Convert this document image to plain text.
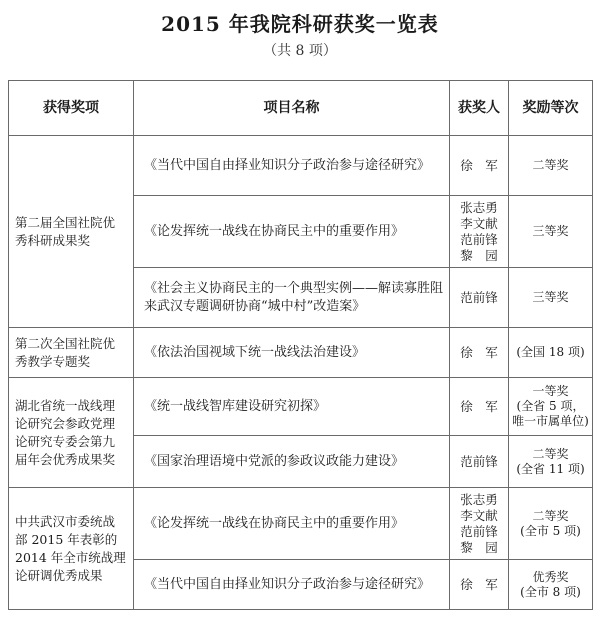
2015 年我院科研获奖一览表
（共 8 项）
获得奖项	项目名称	获奖人	奖励等次
第二届全国社院优秀科研成果奖	《当代中国自由择业知识分子政治参与途径研究》	徐　军	二等奖

	《论发挥统一战线在协商民主中的重要作用》	张志勇
李文献
范前锋
黎　园	三等奖

	《社会主义协商民主的一个典型实例——解读寡胜阻来武汉专题调研协商“城中村”改造案》	范前锋	三等奖

第二次全国社院优秀教学专题奖	《依法治国视域下统一战线法治建设》	徐　军	(全国 18 项)

湖北省统一战线理论研究会参政党理论研究专委会第九届年会优秀成果奖	《统一战线智库建设研究初探》	徐　军	一等奖
(全省 5 项，
唯一市属单位)

	《国家治理语境中党派的参政议政能力建设》	范前锋	二等奖
(全省 11 项)

中共武汉市委统战部 2015 年表彰的 2014 年全市统战理论研调优秀成果	《论发挥统一战线在协商民主中的重要作用》	张志勇
李文献
范前锋
黎　园	二等奖
(全市 5 项)

	《当代中国自由择业知识分子政治参与途径研究》	徐　军	优秀奖
(全市 8 项)
